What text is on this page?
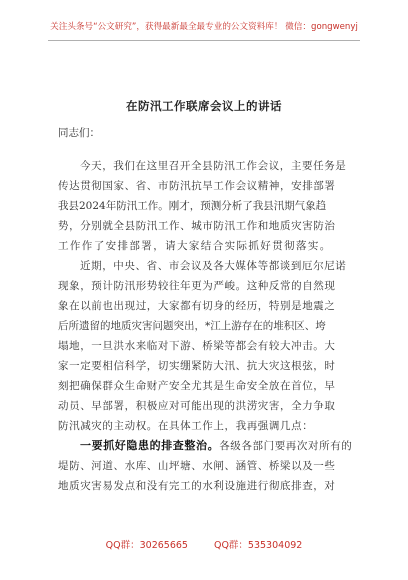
关注头条号“公文研究”，获得最新最全最专业的公文资料库！ 微信：gongwenyj
在防汛工作联席会议上的讲话
同志们：
今天，我们在这里召开全县防汛工作会议，主要任务是
传达贯彻国家、省、市防汛抗旱工作会议精神，安排部署
我县2024年防汛工作。刚才，预测分析了我县汛期气象趋
势，分别就全县防汛工作、城市防汛工作和地质灾害防治
工作作了安排部署，请大家结合实际抓好贯彻落实。
近期，中央、省、市会议及各大媒体等都谈到厄尔尼诺
现象，预计防汛形势较往年更为严峻。这种反常的自然现
象在以前也出现过，大家都有切身的经历，特别是地震之
后所遗留的地质灾害问题突出，*江上游存在的堆积区、垮
塌地，一旦洪水来临对下游、桥梁等都会有较大冲击。大
家一定要相信科学，切实绷紧防大汛、抗大灾这根弦，时
刻把确保群众生命财产安全尤其是生命安全放在首位，早
动员、早部署，积极应对可能出现的洪涝灾害，全力争取
防汛减灾的主动权。在具体工作上，我再强调几点：
一要抓好隐患的排查整治。各级各部门要再次对所有的
堤防、河道、水库、山坪塘、水闸、涵管、桥梁以及一些
地质灾害易发点和没有完工的水利设施进行彻底排查，对
QQ群：30265665	QQ群：535304092
